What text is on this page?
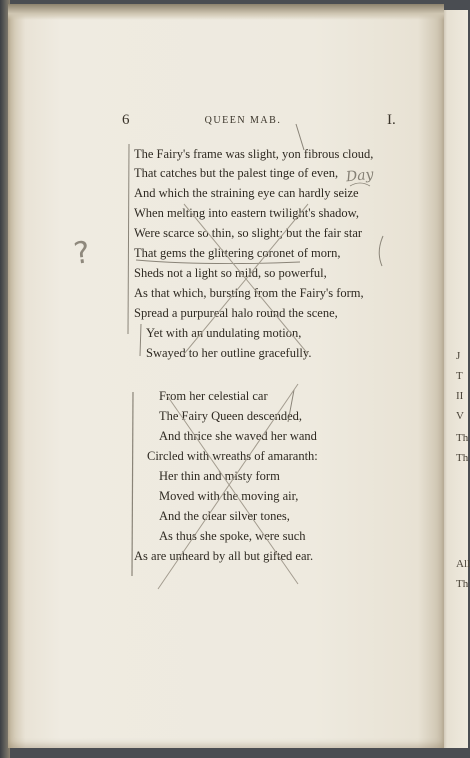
J
T
II
V
Th
Th
All
Th
6	QUEEN MAB.	I.
The Fairy's frame was slight, yon fibrous cloud,
That catches but the palest tinge of even,
And which the straining eye can hardly seize
When melting into eastern twilight's shadow,
Were scarce so thin, so slight; but the fair star
That gems the glittering coronet of morn,
Sheds not a light so mild, so powerful,
As that which, bursting from the Fairy's form,
Spread a purpureal halo round the scene,
Yet with an undulating motion,
Swayed to her outline gracefully.
From her celestial car
The Fairy Queen descended,
And thrice she waved her wand
Circled with wreaths of amaranth:
Her thin and misty form
Moved with the moving air,
And the clear silver tones,
As thus she spoke, were such
As are unheard by all but gifted ear.
?
Day
